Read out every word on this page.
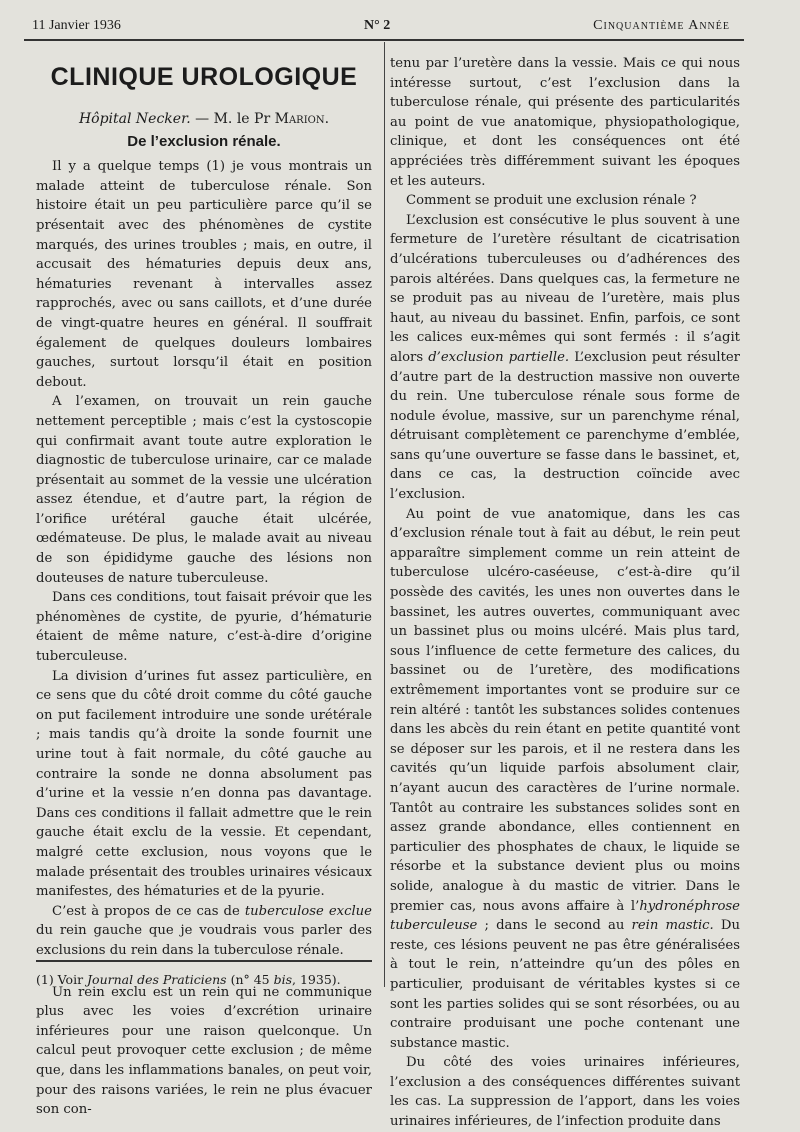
11 Janvier 1936	N° 2	Cinquantième Année
CLINIQUE UROLOGIQUE
Hôpital Necker. — M. le Pr Marion.
De l’exclusion rénale.

Il y a quelque temps (1) je vous montrais un malade atteint de tuberculose rénale. Son histoire était un peu particulière parce qu’il se présentait avec des phénomènes de cystite marqués, des urines troubles ; mais, en outre, il accusait des hématuries depuis deux ans, hématuries revenant à intervalles assez rapprochés, avec ou sans caillots, et d’une durée de vingt-quatre heures en général. Il souffrait également de quelques douleurs lombaires gauches, surtout lorsqu’il était en position debout.

A l’examen, on trouvait un rein gauche nettement perceptible ; mais c’est la cystoscopie qui confirmait avant toute autre exploration le diagnostic de tuberculose urinaire, car ce malade présentait au sommet de la vessie une ulcération assez étendue, et d’autre part, la région de l’orifice urétéral gauche était ulcérée, œdémateuse. De plus, le malade avait au niveau de son épididyme gauche des lésions non douteuses de nature tuberculeuse.

Dans ces conditions, tout faisait prévoir que les phénomènes de cystite, de pyurie, d’hématurie étaient de même nature, c’est-à-dire d’origine tuberculeuse.

La division d’urines fut assez particulière, en ce sens que du côté droit comme du côté gauche on put facilement introduire une sonde urétérale ; mais tandis qu’à droite la sonde fournit une urine tout à fait normale, du côté gauche au contraire la sonde ne donna absolument pas d’urine et la vessie n’en donna pas davantage. Dans ces conditions il fallait admettre que le rein gauche était exclu de la vessie. Et cependant, malgré cette exclusion, nous voyons que le malade présentait des troubles urinaires vésicaux manifestes, des hématuries et de la pyurie.

C’est à propos de ce cas de tuberculose exclue du rein gauche que je voudrais vous parler des exclusions du rein dans la tuberculose rénale.

Un rein exclu est un rein qui ne communique plus avec les voies d’excrétion urinaire inférieures pour une raison quelconque. Un calcul peut provoquer cette exclusion ; de même que, dans les inflammations banales, on peut voir, pour des raisons variées, le rein ne plus évacuer son con-

(1) Voir Journal des Praticiens (n° 45 bis, 1935).

tenu par l’uretère dans la vessie. Mais ce qui nous intéresse surtout, c’est l’exclusion dans la tuberculose rénale, qui présente des particularités au point de vue anatomique, physiopathologique, clinique, et dont les conséquences ont été appréciées très différemment suivant les époques et les auteurs.

Comment se produit une exclusion rénale ?

L’exclusion est consécutive le plus souvent à une fermeture de l’uretère résultant de cicatrisation d’ulcérations tuberculeuses ou d’adhérences des parois altérées. Dans quelques cas, la fermeture ne se produit pas au niveau de l’uretère, mais plus haut, au niveau du bassinet. Enfin, parfois, ce sont les calices eux-mêmes qui sont fermés : il s’agit alors d’exclusion partielle. L’exclusion peut résulter d’autre part de la destruction massive non ouverte du rein. Une tuberculose rénale sous forme de nodule évolue, massive, sur un parenchyme rénal, détruisant complètement ce parenchyme d’emblée, sans qu’une ouverture se fasse dans le bassinet, et, dans ce cas, la destruction coïncide avec l’exclusion.

Au point de vue anatomique, dans les cas d’exclusion rénale tout à fait au début, le rein peut apparaître simplement comme un rein atteint de tuberculose ulcéro-caséeuse, c’est-à-dire qu’il possède des cavités, les unes non ouvertes dans le bassinet, les autres ouvertes, communiquant avec un bassinet plus ou moins ulcéré. Mais plus tard, sous l’influence de cette fermeture des calices, du bassinet ou de l’uretère, des modifications extrêmement importantes vont se produire sur ce rein altéré : tantôt les substances solides contenues dans les abcès du rein étant en petite quantité vont se déposer sur les parois, et il ne restera dans les cavités qu’un liquide parfois absolument clair, n’ayant aucun des caractères de l’urine normale. Tantôt au contraire les substances solides sont en assez grande abondance, elles contiennent en particulier des phosphates de chaux, le liquide se résorbe et la substance devient plus ou moins solide, analogue à du mastic de vitrier. Dans le premier cas, nous avons affaire à l’hydronéphrose tuberculeuse ; dans le second au rein mastic. Du reste, ces lésions peuvent ne pas être généralisées à tout le rein, n’atteindre qu’un des pôles en particulier, produisant de véritables kystes si ce sont les parties solides qui se sont résorbées, ou au contraire produisant une poche contenant une substance mastic.

Du côté des voies urinaires inférieures, l’exclusion a des conséquences différentes suivant les cas. La suppression de l’apport, dans les voies urinaires inférieures, de l’infection produite dans
